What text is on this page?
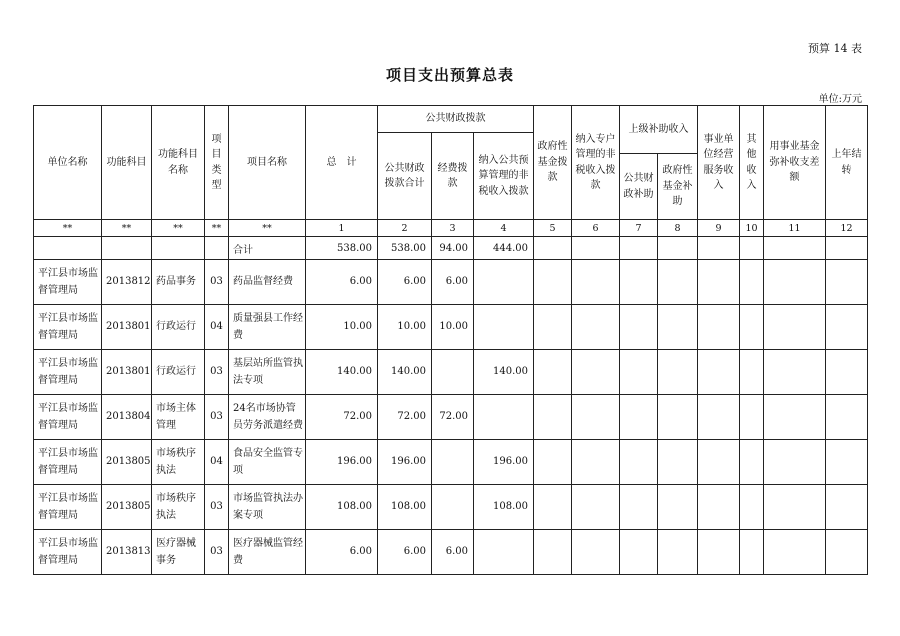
预算 14 表
项目支出预算总表
单位:万元
单位名称	功能科目	功能科目名称	项目类型	项目名称	总　计	公共财政拨款			政府性基金拨款	纳入专户管理的非税收入拨款	上级补助收入		事业单位经营服务收入	其他收入	用事业基金弥补收支差额	上年结转
						公共财政拨款合计	经费拨款	纳入公共预算管理的非税收入拨款								
											公共财政补助	政府性基金补助				
**	**	**	**	**	1	2	3	4	5	6	7	8	9	10	11	12
				合计	538.00	538.00	94.00	444.00								
平江县市场监督管理局	2013812	药品事务	03	药品监督经费	6.00	6.00	6.00									
平江县市场监督管理局	2013801	行政运行	04	质量强县工作经费	10.00	10.00	10.00									
平江县市场监督管理局	2013801	行政运行	03	基层站所监管执法专项	140.00	140.00		140.00								
平江县市场监督管理局	2013804	市场主体管理	03	24名市场协管员劳务派遣经费	72.00	72.00	72.00									
平江县市场监督管理局	2013805	市场秩序执法	04	食品安全监管专项	196.00	196.00		196.00								
平江县市场监督管理局	2013805	市场秩序执法	03	市场监管执法办案专项	108.00	108.00		108.00								
平江县市场监督管理局	2013813	医疗器械事务	03	医疗器械监管经费	6.00	6.00	6.00									
